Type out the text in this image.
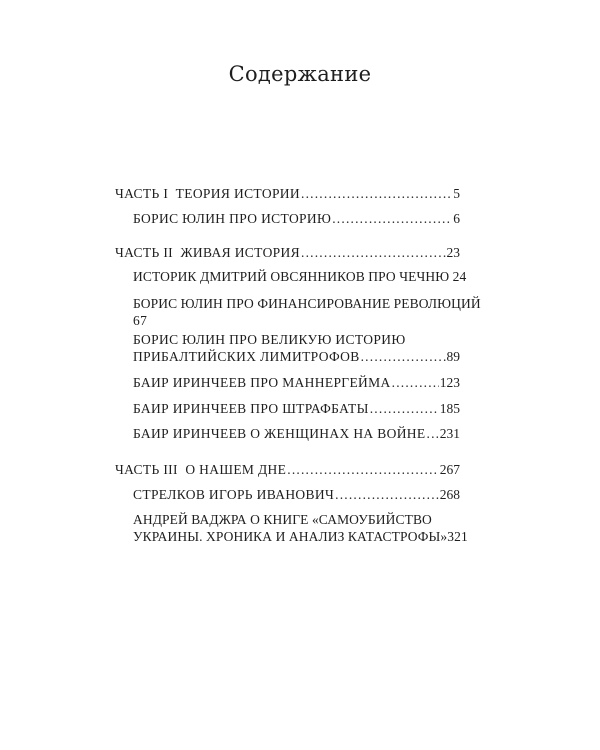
Содержание
ЧАСТЬ I ТЕОРИЯ ИСТОРИИ .....	5
БОРИС ЮЛИН ПРО ИСТОРИЮ .....	6
ЧАСТЬ II ЖИВАЯ ИСТОРИЯ .....	23
ИСТОРИК ДМИТРИЙ ОВСЯННИКОВ ПРО ЧЕЧНЮ 24
БОРИС ЮЛИН ПРО ФИНАНСИРОВАНИЕ РЕВОЛЮЦИЙ
67
БОРИС ЮЛИН ПРО ВЕЛИКУЮ ИСТОРИЮ
ПРИБАЛТИЙСКИХ ЛИМИТРОФОВ .....	89
БАИР ИРИНЧЕЕВ ПРО МАННЕРГЕЙМА .....	123
БАИР ИРИНЧЕЕВ ПРО ШТРАФБАТЫ .....	185
БАИР ИРИНЧЕЕВ О ЖЕНЩИНАХ НА ВОЙНЕ ..... 231
ЧАСТЬ III О НАШЕМ ДНЕ .....	267
СТРЕЛКОВ ИГОРЬ ИВАНОВИЧ .....	268
АНДРЕЙ ВАДЖРА О КНИГЕ «САМОУБИЙСТВО
УКРАИНЫ. ХРОНИКА И АНАЛИЗ КАТАСТРОФЫ»321
